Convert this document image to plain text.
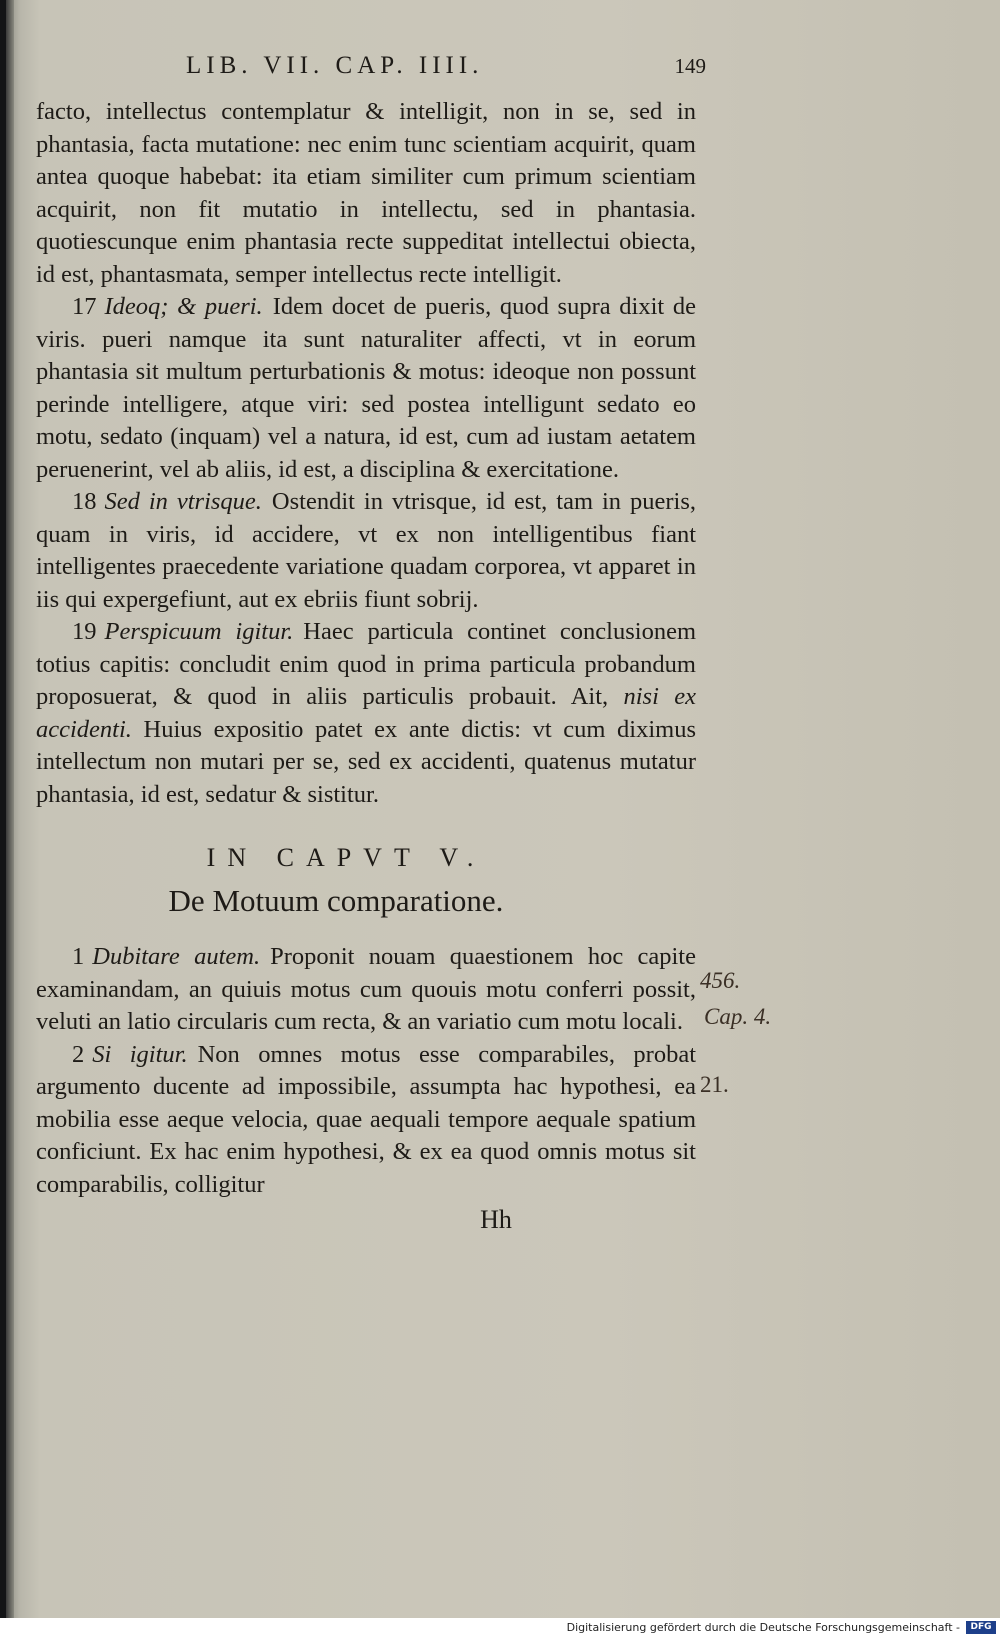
LIB. VII. CAP. IIII.	149

facto, intellectus contemplatur & intelligit, non in se, sed in phantasia, facta mutatione: nec enim tunc scientiam acquirit, quam antea quoque habebat: ita etiam similiter cum primum scientiam acquirit, non fit mutatio in intellectu, sed in phantasia. quotiescunque enim phantasia recte suppeditat intellectui obiecta, id est, phantasmata, semper intellectus recte intelligit.

17 Ideoq; & pueri. Idem docet de pueris, quod supra dixit de viris. pueri namque ita sunt naturaliter affecti, vt in eorum phantasia sit multum perturbationis & motus: ideoque non possunt perinde intelligere, atque viri: sed postea intelligunt sedato eo motu, sedato (inquam) vel a natura, id est, cum ad iustam aetatem peruenerint, vel ab aliis, id est, a disciplina & exercitatione.

18 Sed in vtrisque. Ostendit in vtrisque, id est, tam in pueris, quam in viris, id accidere, vt ex non intelligentibus fiant intelligentes praecedente variatione quadam corporea, vt apparet in iis qui expergefiunt, aut ex ebriis fiunt sobrij.

19 Perspicuum igitur. Haec particula continet conclusionem totius capitis: concludit enim quod in prima particula probandum proposuerat, & quod in aliis particulis probauit. Ait, nisi ex accidenti. Huius expositio patet ex ante dictis: vt cum diximus intellectum non mutari per se, sed ex accidenti, quatenus mutatur phantasia, id est, sedatur & sistitur.

IN CAPVT V.
De Motuum comparatione.

1 Dubitare autem. Proponit nouam quaestionem hoc capite examinandam, an quiuis motus cum quouis motu conferri possit, veluti an latio circularis cum recta, & an variatio cum motu locali.

2 Si igitur. Non omnes motus esse comparabiles, probat argumento ducente ad impossibile, assumpta hac hypothesi, ea mobilia esse aeque velocia, quae aequali tempore aequale spatium conficiunt. Ex hac enim hypothesi, & ex ea quod omnis motus sit comparabilis, colligitur

Hh
456.
Cap. 4.
21.
Digitalisierung gefördert durch die Deutsche Forschungsgemeinschaft -	DFG
